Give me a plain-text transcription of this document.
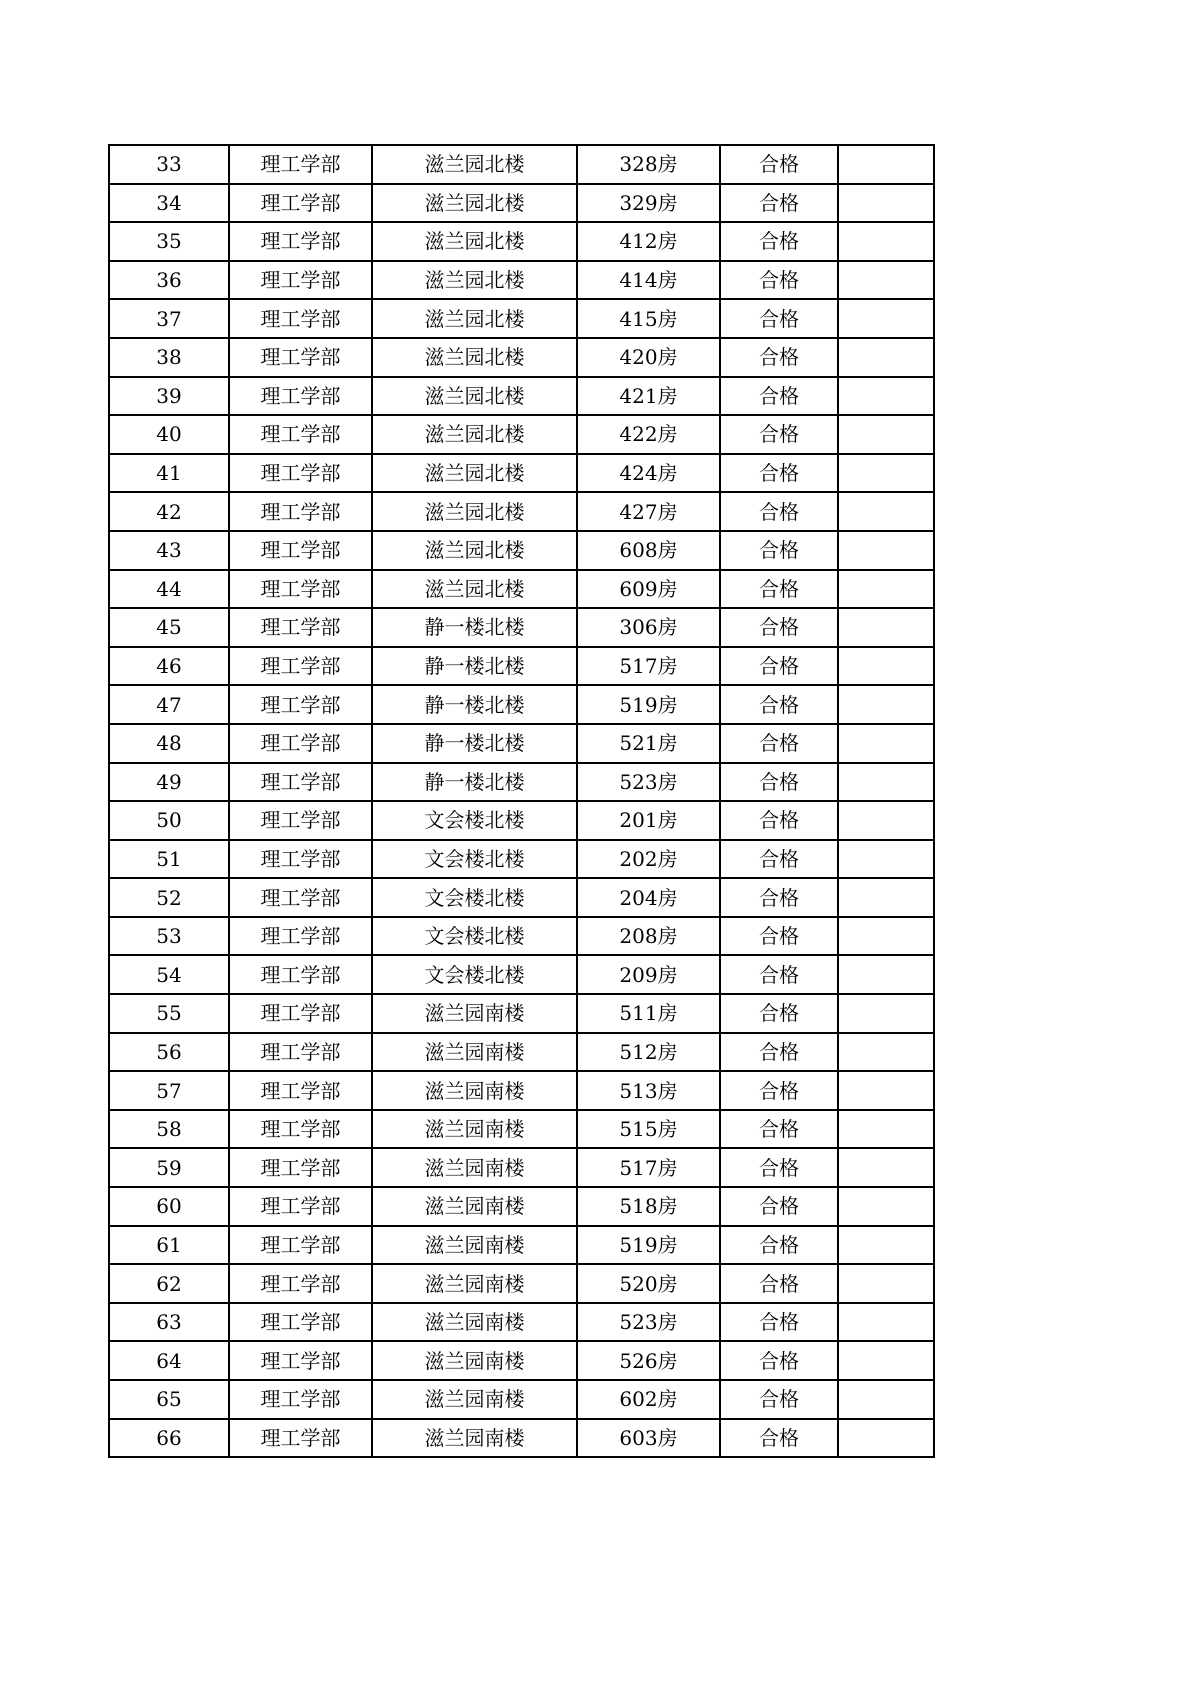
33	理工学部	滋兰园北楼	328房	合格	
34	理工学部	滋兰园北楼	329房	合格	
35	理工学部	滋兰园北楼	412房	合格	
36	理工学部	滋兰园北楼	414房	合格	
37	理工学部	滋兰园北楼	415房	合格	
38	理工学部	滋兰园北楼	420房	合格	
39	理工学部	滋兰园北楼	421房	合格	
40	理工学部	滋兰园北楼	422房	合格	
41	理工学部	滋兰园北楼	424房	合格	
42	理工学部	滋兰园北楼	427房	合格	
43	理工学部	滋兰园北楼	608房	合格	
44	理工学部	滋兰园北楼	609房	合格	
45	理工学部	静一楼北楼	306房	合格	
46	理工学部	静一楼北楼	517房	合格	
47	理工学部	静一楼北楼	519房	合格	
48	理工学部	静一楼北楼	521房	合格	
49	理工学部	静一楼北楼	523房	合格	
50	理工学部	文会楼北楼	201房	合格	
51	理工学部	文会楼北楼	202房	合格	
52	理工学部	文会楼北楼	204房	合格	
53	理工学部	文会楼北楼	208房	合格	
54	理工学部	文会楼北楼	209房	合格	
55	理工学部	滋兰园南楼	511房	合格	
56	理工学部	滋兰园南楼	512房	合格	
57	理工学部	滋兰园南楼	513房	合格	
58	理工学部	滋兰园南楼	515房	合格	
59	理工学部	滋兰园南楼	517房	合格	
60	理工学部	滋兰园南楼	518房	合格	
61	理工学部	滋兰园南楼	519房	合格	
62	理工学部	滋兰园南楼	520房	合格	
63	理工学部	滋兰园南楼	523房	合格	
64	理工学部	滋兰园南楼	526房	合格	
65	理工学部	滋兰园南楼	602房	合格	
66	理工学部	滋兰园南楼	603房	合格	
